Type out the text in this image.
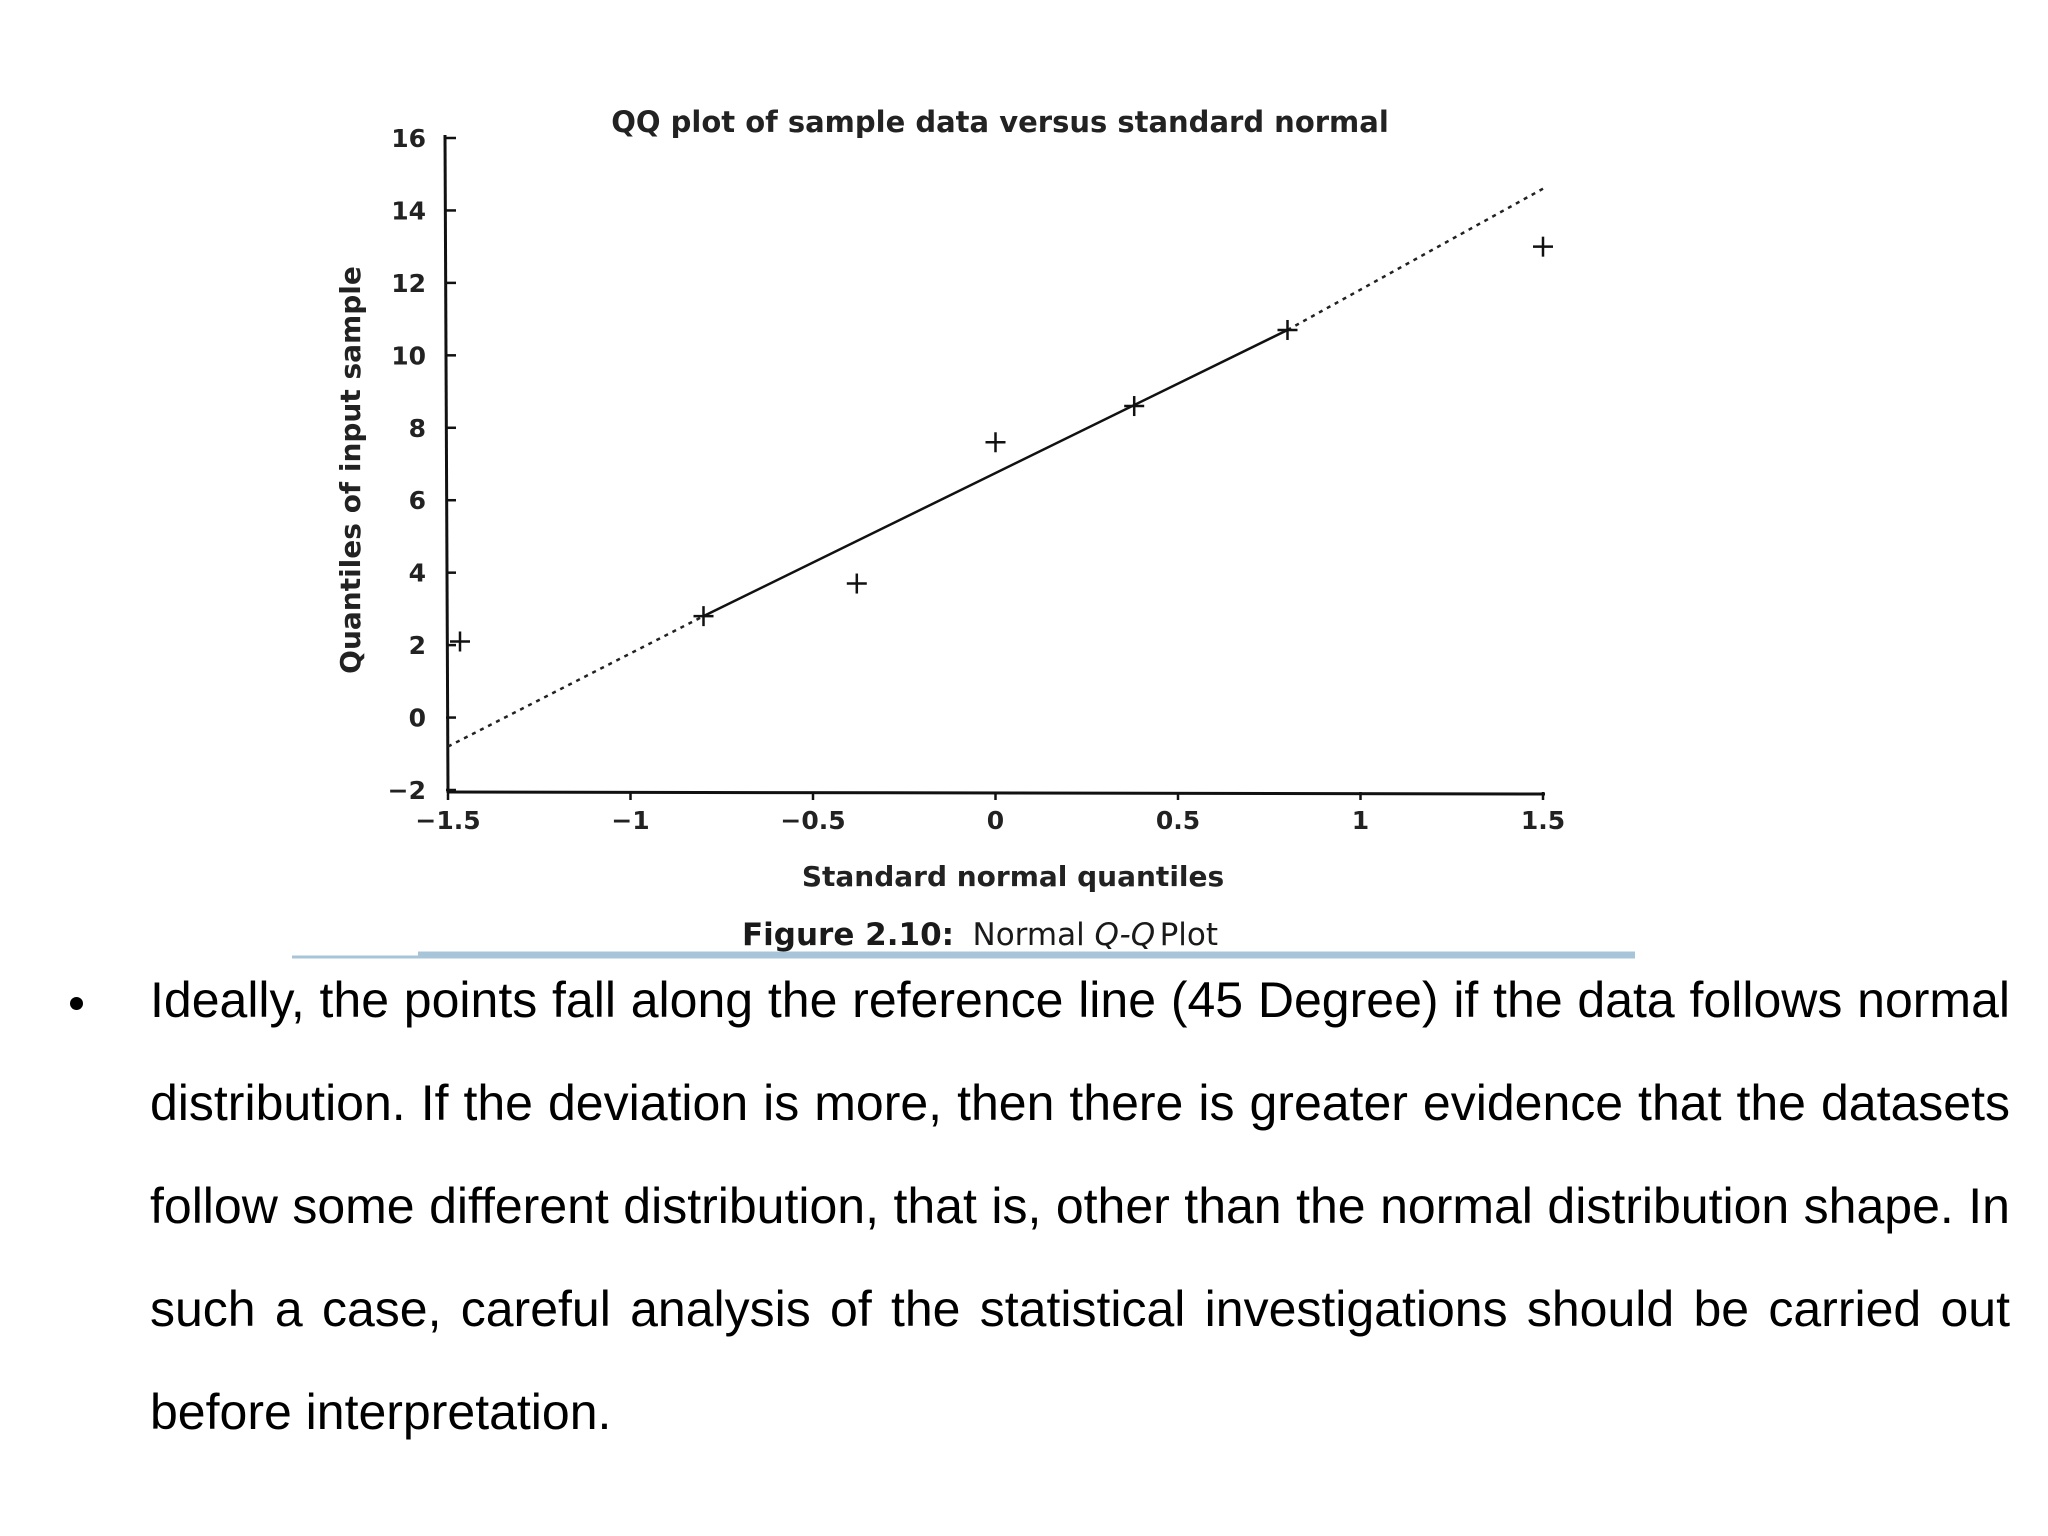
QQ plot of sample data versus standard normal
Quantiles of input sample
Standard normal quantiles
16
14
12
10
8
6
4
2
0
−2
−1.5	−1	−0.5	0	0.5	1	1.5
Figure 2.10: Normal Q-Q Plot

Ideally, the points fall along the reference line (45 Degree) if the data follows normal distribution. If the deviation is more, then there is greater evidence that the datasets follow some different distribution, that is, other than the normal distribution shape. In such a case, careful analysis of the statistical investigations should be carried out before interpretation.
